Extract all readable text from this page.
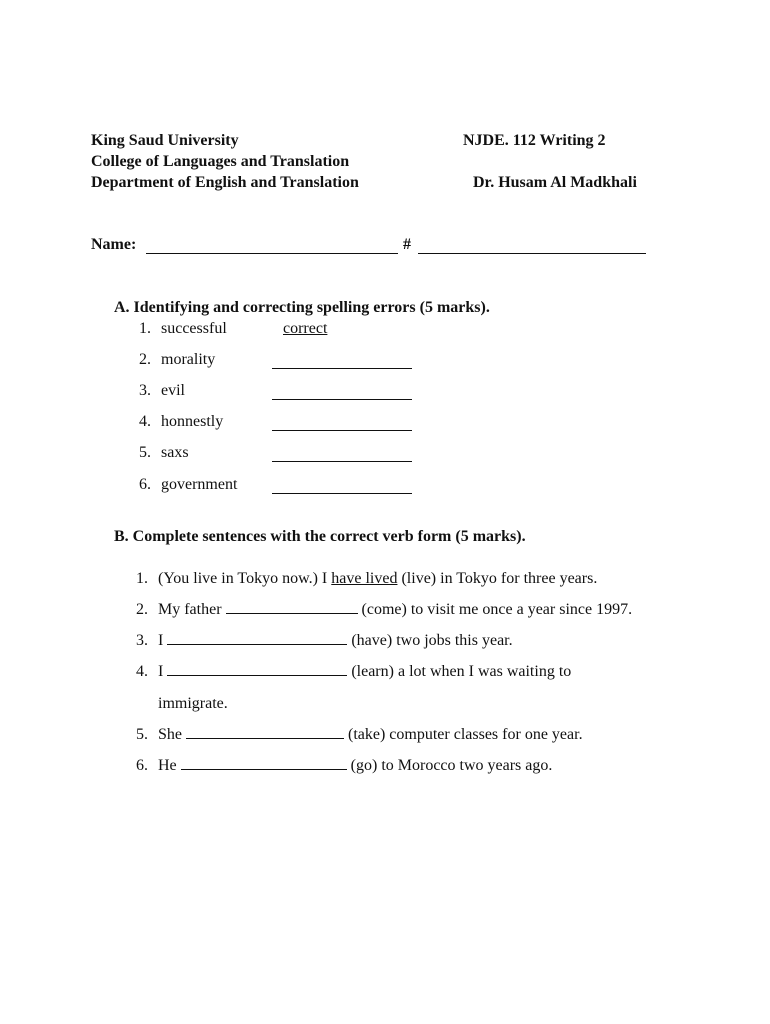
King Saud University
College of Languages and Translation
Department of English and Translation
NJDE. 112 Writing 2
Dr. Husam Al Madkhali
Name:	#
A. Identifying and correcting spelling errors (5 marks).
1. successful	correct
2. morality
3. evil
4. honnestly
5. saxs
6. government
B. Complete sentences with the correct verb form (5 marks).
1. (You live in Tokyo now.) I have lived (live) in Tokyo for three years.
2. My father	(come) to visit me once a year since 1997.
3. I	(have) two jobs this year.
4. I	(learn) a lot when I was waiting to
immigrate.
5. She	(take) computer classes for one year.
6. He	(go) to Morocco two years ago.
